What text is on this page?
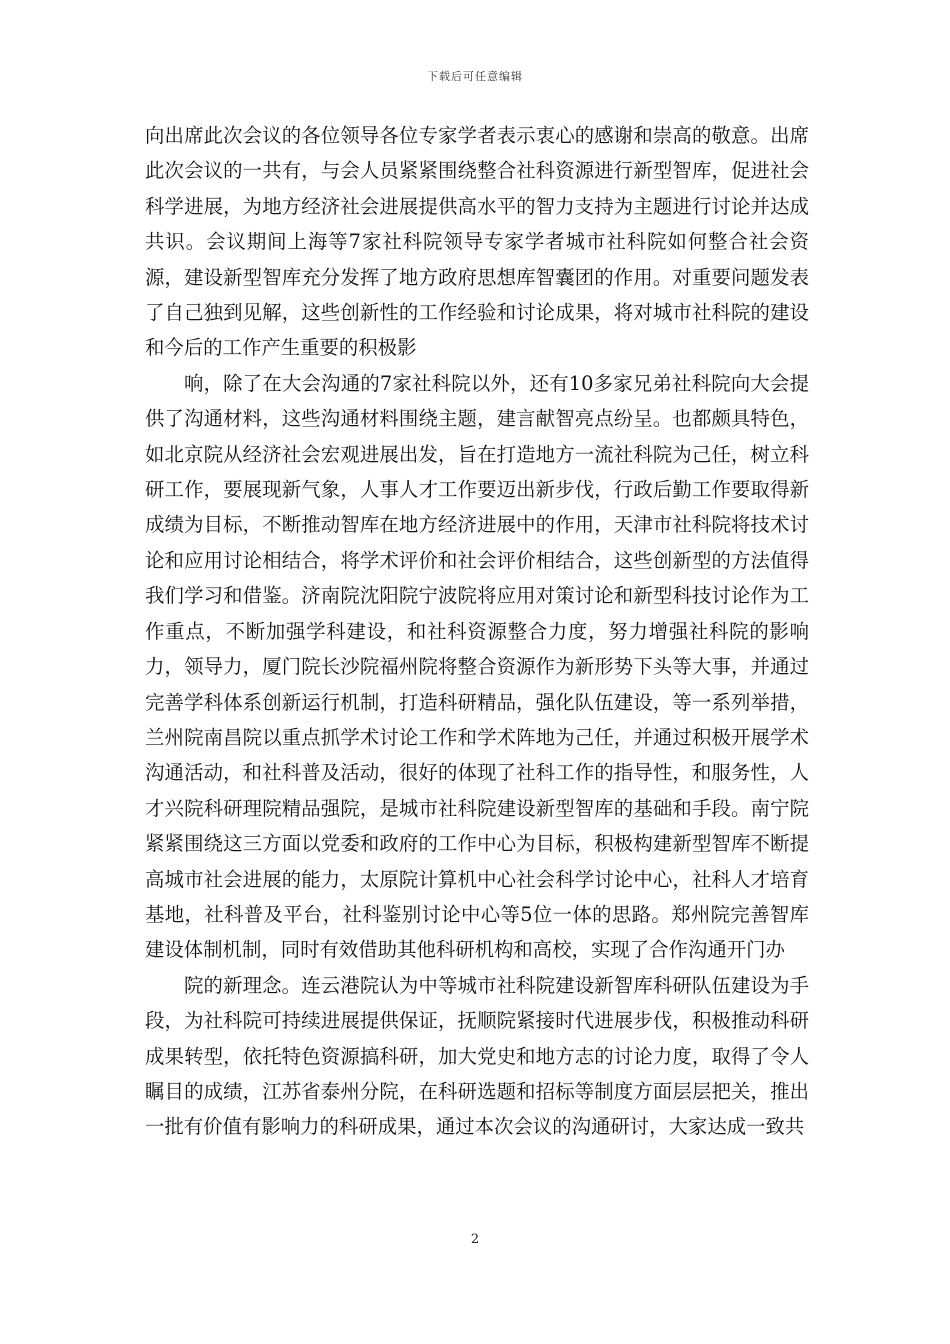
下载后可任意编辑

向出席此次会议的各位领导各位专家学者表示衷心的感谢和崇高的敬意。出席此次会议的一共有，与会人员紧紧围绕整合社科资源进行新型智库，促进社会科学进展，为地方经济社会进展提供高水平的智力支持为主题进行讨论并达成共识。会议期间上海等7家社科院领导专家学者城市社科院如何整合社会资源，建设新型智库充分发挥了地方政府思想库智囊团的作用。对重要问题发表了自己独到见解，这些创新性的工作经验和讨论成果，将对城市社科院的建设和今后的工作产生重要的积极影

响，除了在大会沟通的7家社科院以外，还有10多家兄弟社科院向大会提供了沟通材料，这些沟通材料围绕主题，建言献智亮点纷呈。也都颇具特色，如北京院从经济社会宏观进展出发，旨在打造地方一流社科院为己任，树立科研工作，要展现新气象，人事人才工作要迈出新步伐，行政后勤工作要取得新成绩为目标，不断推动智库在地方经济进展中的作用，天津市社科院将技术讨论和应用讨论相结合，将学术评价和社会评价相结合，这些创新型的方法值得我们学习和借鉴。济南院沈阳院宁波院将应用对策讨论和新型科技讨论作为工作重点，不断加强学科建设，和社科资源整合力度，努力增强社科院的影响力，领导力，厦门院长沙院福州院将整合资源作为新形势下头等大事，并通过完善学科体系创新运行机制，打造科研精品，强化队伍建设，等一系列举措，兰州院南昌院以重点抓学术讨论工作和学术阵地为己任，并通过积极开展学术沟通活动，和社科普及活动，很好的体现了社科工作的指导性，和服务性，人才兴院科研理院精品强院，是城市社科院建设新型智库的基础和手段。南宁院紧紧围绕这三方面以党委和政府的工作中心为目标，积极构建新型智库不断提高城市社会进展的能力，太原院计算机中心社会科学讨论中心，社科人才培育基地，社科普及平台，社科鉴别讨论中心等5位一体的思路。郑州院完善智库建设体制机制，同时有效借助其他科研机构和高校，实现了合作沟通开门办

院的新理念。连云港院认为中等城市社科院建设新智库科研队伍建设为手段，为社科院可持续进展提供保证，抚顺院紧接时代进展步伐，积极推动科研成果转型，依托特色资源搞科研，加大党史和地方志的讨论力度，取得了令人瞩目的成绩，江苏省泰州分院，在科研选题和招标等制度方面层层把关，推出一批有价值有影响力的科研成果，通过本次会议的沟通研讨，大家达成一致共

2
